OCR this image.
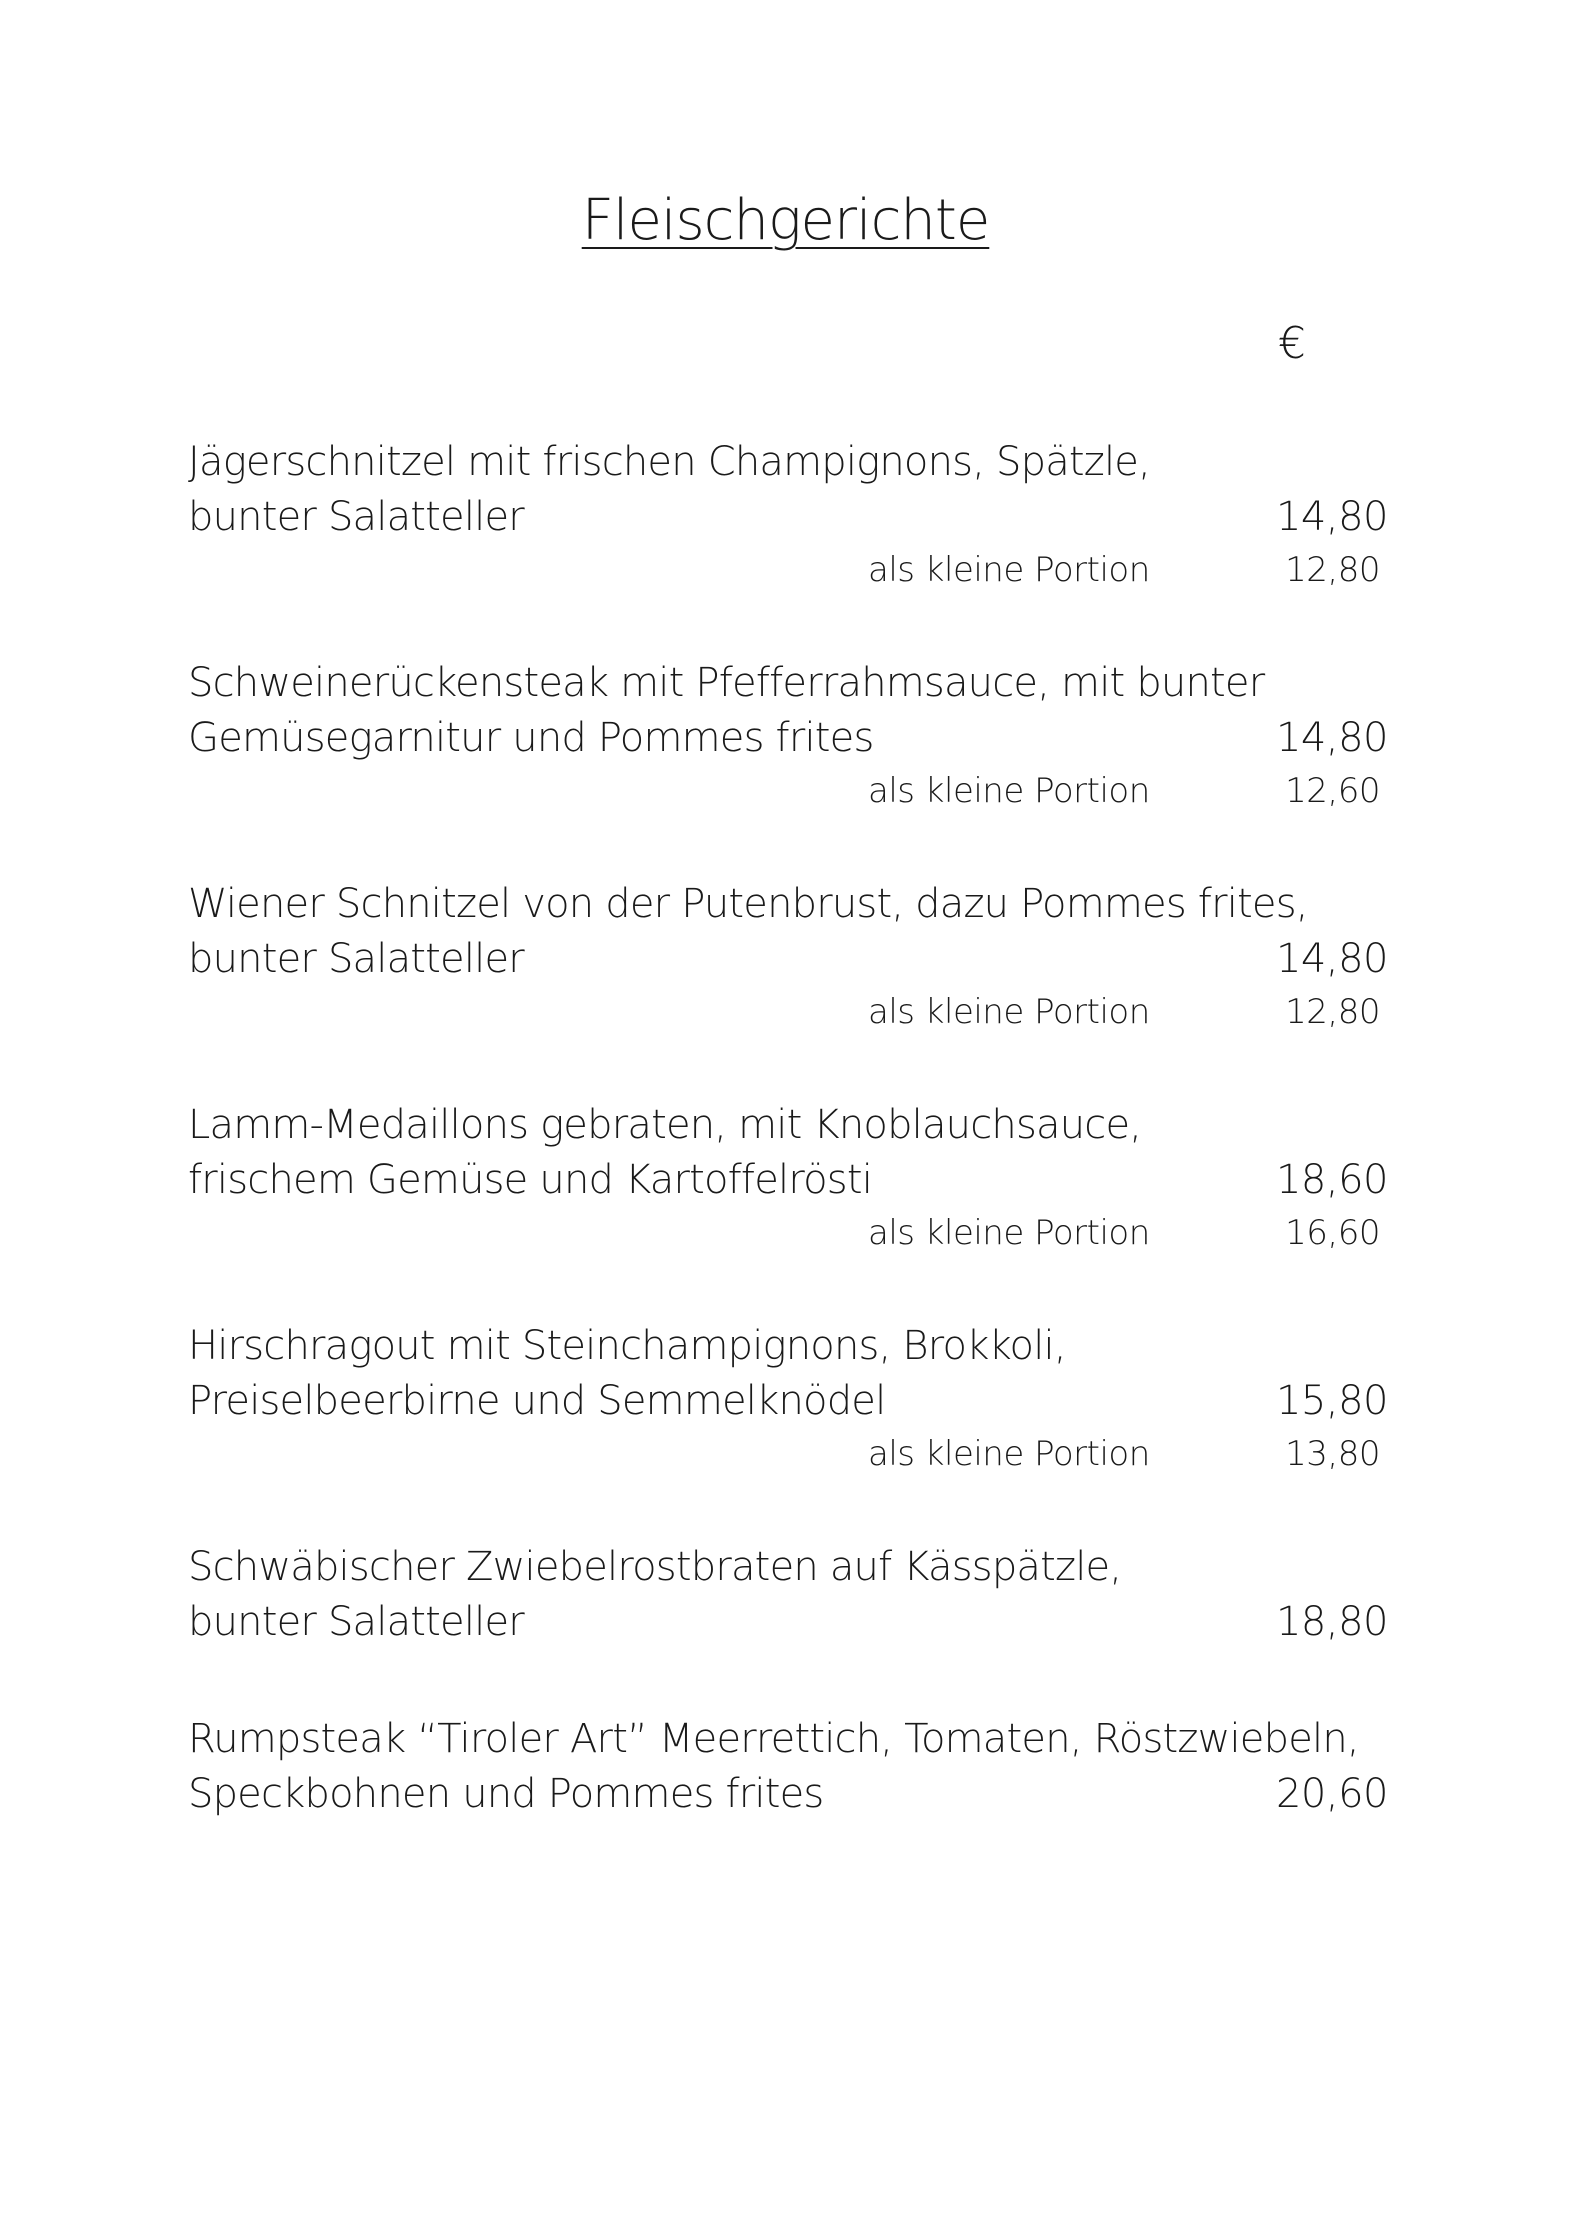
Fleischgerichte
€
Jägerschnitzel mit frischen Champignons, Spätzle,
bunter Salatteller	14,80
als kleine Portion	12,80
Schweinerückensteak mit Pfefferrahmsauce, mit bunter
Gemüsegarnitur und Pommes frites	14,80
als kleine Portion	12,60
Wiener Schnitzel von der Putenbrust, dazu Pommes frites,
bunter Salatteller	14,80
als kleine Portion	12,80
Lamm-Medaillons gebraten, mit Knoblauchsauce,
frischem Gemüse und Kartoffelrösti	18,60
als kleine Portion	16,60
Hirschragout mit Steinchampignons, Brokkoli,
Preiselbeerbirne und Semmelknödel	15,80
als kleine Portion	13,80
Schwäbischer Zwiebelrostbraten auf Kässpätzle,
bunter Salatteller	18,80
Rumpsteak “Tiroler Art” Meerrettich, Tomaten, Röstzwiebeln,
Speckbohnen und Pommes frites	20,60
